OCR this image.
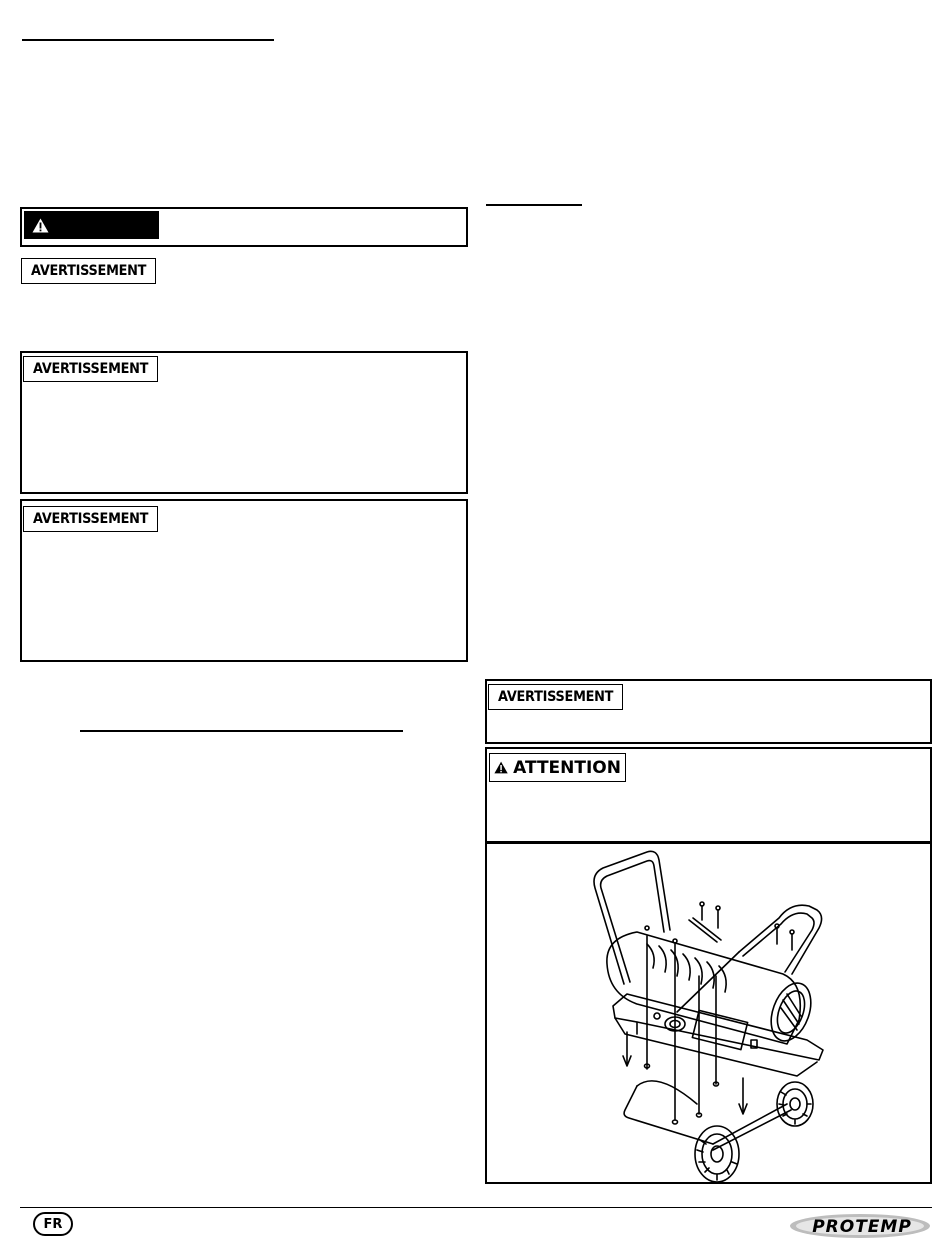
AVERTISSEMENT
AVERTISSEMENT
AVERTISSEMENT
AVERTISSEMENT
ATTENTION
FR	PROTEMP
